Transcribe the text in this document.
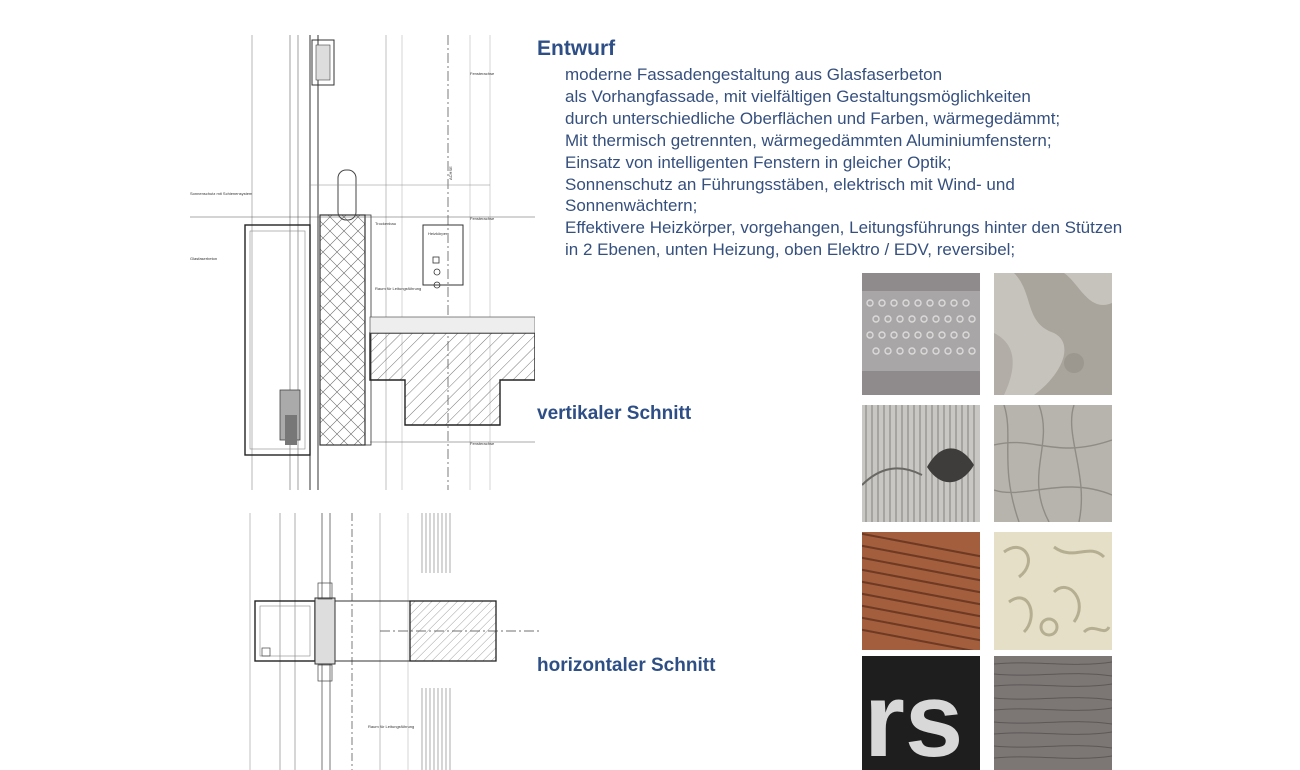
Entwurf
moderne Fassadengestaltung aus Glasfaserbeton
als Vorhangfassade, mit vielfältigen Gestaltungsmöglichkeiten
durch unterschiedliche Oberflächen und Farben, wärmegedämmt;
Mit thermisch getrennten, wärmegedämmten Aluminiumfenstern;
Einsatz von intelligenten Fenstern in gleicher Optik;
Sonnenschutz an Führungsstäben, elektrisch mit Wind- und
Sonnenwächtern;
Effektivere Heizkörper, vorgehangen, Leitungsführungs hinter den Stützen
in 2 Ebenen, unten Heizung, oben Elektro / EDV, reversibel;

vertikaler Schnitt

horizontaler Schnitt

Fensterachse
Fensterachse
Fensterachse
ACHSE
Sonnenschutz mit Schienensystem
Glasfaserbeton
Trockenbau
Heizkörper
Raum für Leitungsführung
Raum für Leitungsführung	rs
